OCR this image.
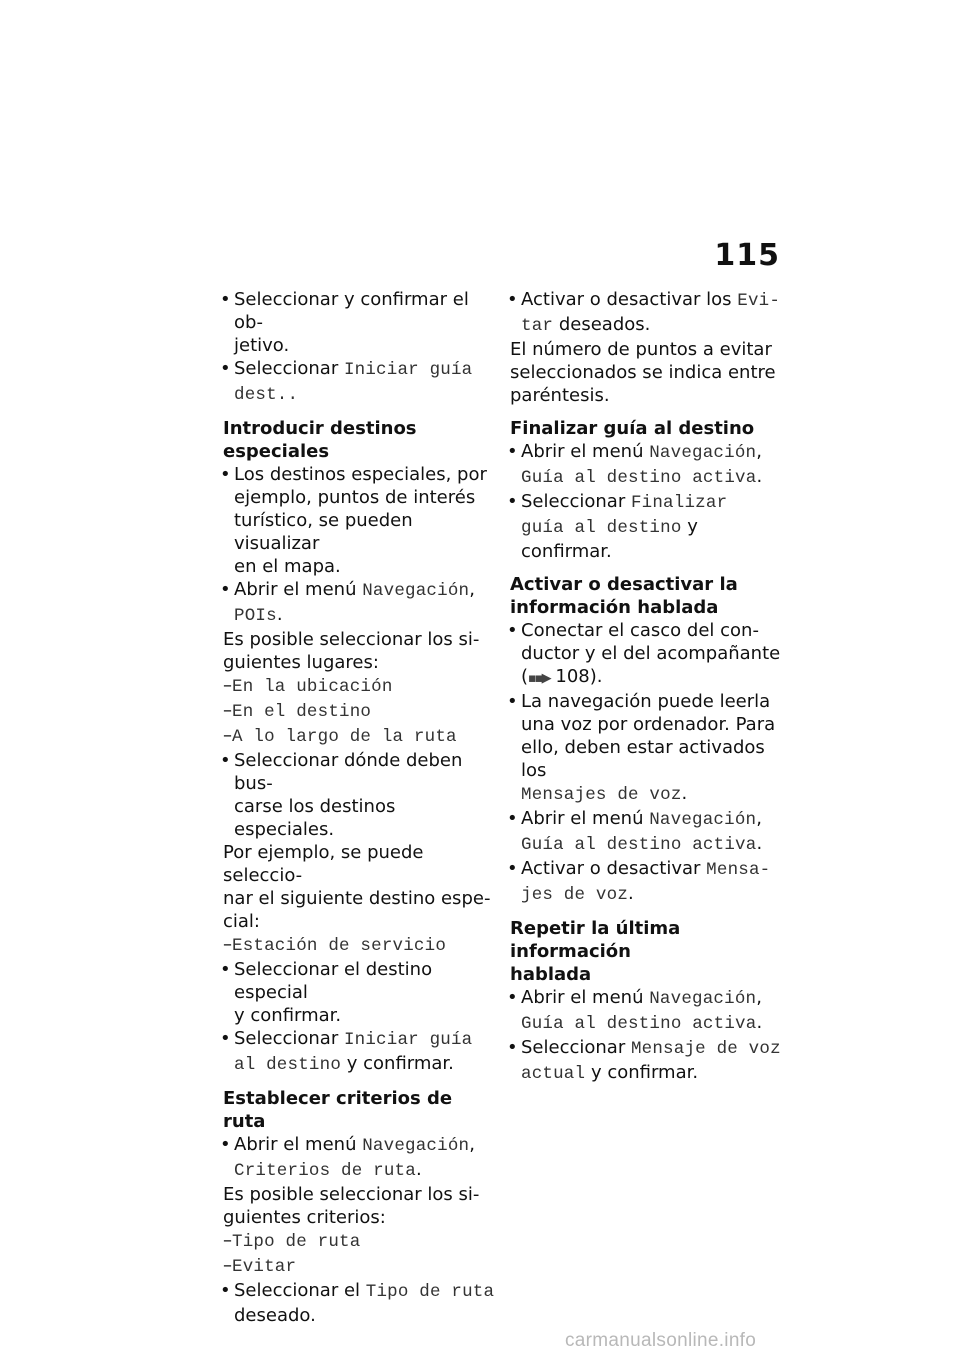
115
• Seleccionar y confirmar el ob-
jetivo.
• Seleccionar Iniciar guía
dest..
Introducir destinos especiales
• Los destinos especiales, por
ejemplo, puntos de interés
turístico, se pueden visualizar
en el mapa.
• Abrir el menú Navegación,
POIs.
Es posible seleccionar los si-
guientes lugares:
–En la ubicación
–En el destino
–A lo largo de la ruta
• Seleccionar dónde deben bus-
carse los destinos especiales.
Por ejemplo, se puede seleccio-
nar el siguiente destino espe-
cial:
–Estación de servicio
• Seleccionar el destino especial
y confirmar.
• Seleccionar Iniciar guía
al destino y confirmar.
Establecer criterios de ruta
• Abrir el menú Navegación,
Criterios de ruta.
Es posible seleccionar los si-
guientes criterios:
–Tipo de ruta
–Evitar
• Seleccionar el Tipo de ruta
deseado.
• Activar o desactivar los Evi-
tar deseados.
El número de puntos a evitar
seleccionados se indica entre
paréntesis.
Finalizar guía al destino
• Abrir el menú Navegación,
Guía al destino activa.
• Seleccionar Finalizar
guía al destino y
confirmar.
Activar o desactivar la
información hablada
• Conectar el casco del con-
ductor y el del acompañante
(▪▪▶ 108).
• La navegación puede leerla
una voz por ordenador. Para
ello, deben estar activados los
Mensajes de voz.
• Abrir el menú Navegación,
Guía al destino activa.
• Activar o desactivar Mensa-
jes de voz.
Repetir la última información
hablada
• Abrir el menú Navegación,
Guía al destino activa.
• Seleccionar Mensaje de voz
actual y confirmar.
carmanualsonline.info
